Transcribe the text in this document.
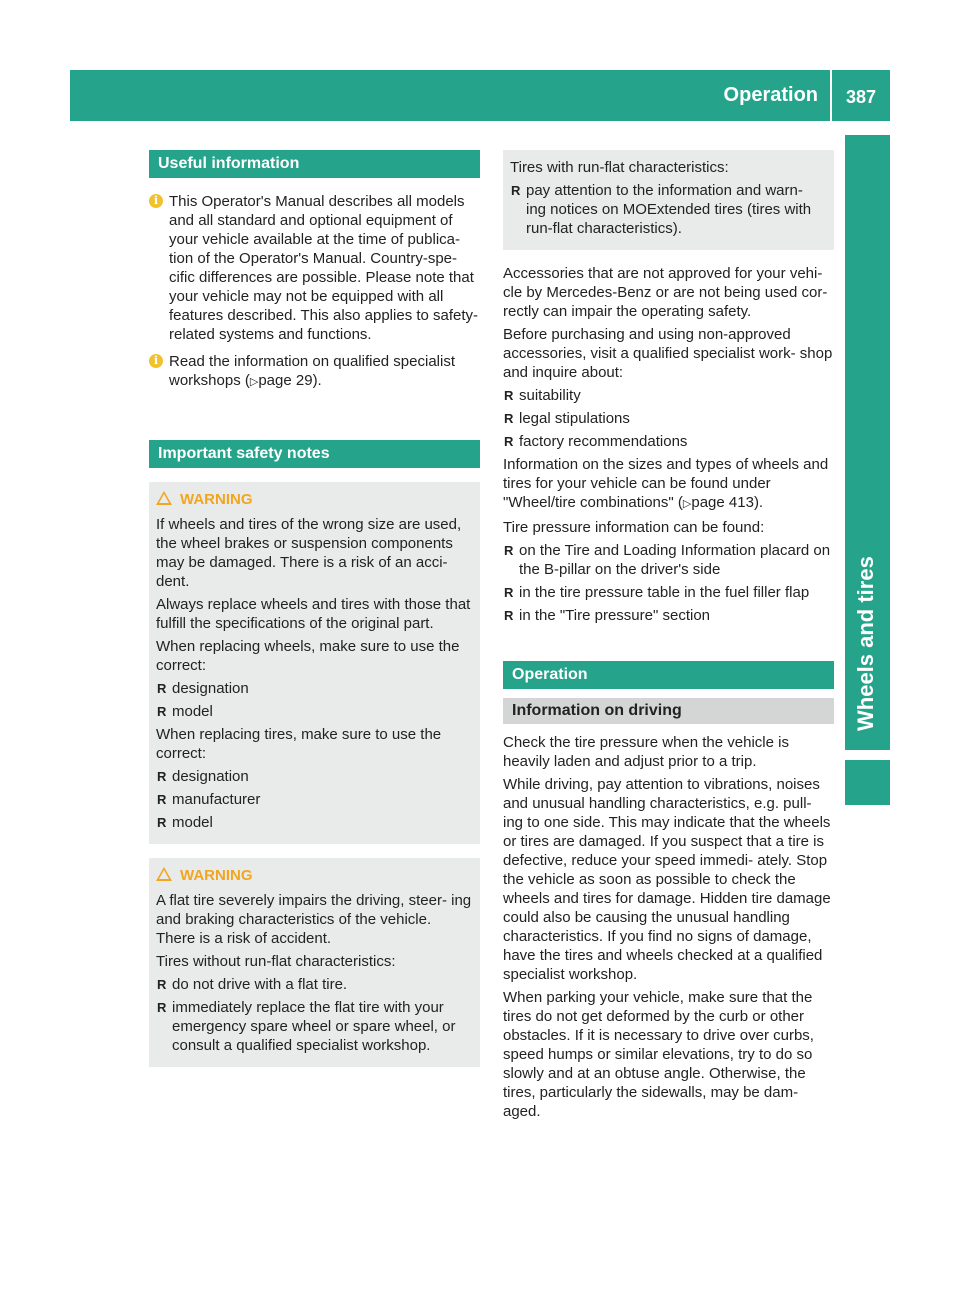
Operation 387
Wheels and tires
Useful information
i This Operator's Manual describes all models and all standard and optional equipment of your vehicle available at the time of publica- tion of the Operator's Manual. Country-spe- cific differences are possible. Please note that your vehicle may not be equipped with all features described. This also applies to safety-related systems and functions.
i Read the information on qualified specialist workshops (▷page 29).
Important safety notes
WARNING

If wheels and tires of the wrong size are used, the wheel brakes or suspension components may be damaged. There is a risk of an acci- dent.

Always replace wheels and tires with those that fulfill the specifications of the original part.

When replacing wheels, make sure to use the correct:

R designation
R model

When replacing tires, make sure to use the correct:

R designation
R manufacturer
R model
WARNING

A flat tire severely impairs the driving, steer- ing and braking characteristics of the vehicle. There is a risk of accident.

Tires without run-flat characteristics:

R do not drive with a flat tire.
R immediately replace the flat tire with your emergency spare wheel or spare wheel, or consult a qualified specialist workshop.

Tires with run-flat characteristics:

R pay attention to the information and warn- ing notices on MOExtended tires (tires with run-flat characteristics).

Accessories that are not approved for your vehi- cle by Mercedes-Benz or are not being used cor- rectly can impair the operating safety.

Before purchasing and using non-approved accessories, visit a qualified specialist work- shop and inquire about:

R suitability
R legal stipulations
R factory recommendations

Information on the sizes and types of wheels and tires for your vehicle can be found under "Wheel/tire combinations" (▷page 413).

Tire pressure information can be found:

R on the Tire and Loading Information placard on the B-pillar on the driver's side
R in the tire pressure table in the fuel filler flap
R in the "Tire pressure" section
Operation
Information on driving

Check the tire pressure when the vehicle is heavily laden and adjust prior to a trip.

While driving, pay attention to vibrations, noises and unusual handling characteristics, e.g. pull- ing to one side. This may indicate that the wheels or tires are damaged. If you suspect that a tire is defective, reduce your speed immedi- ately. Stop the vehicle as soon as possible to check the wheels and tires for damage. Hidden tire damage could also be causing the unusual handling characteristics. If you find no signs of damage, have the tires and wheels checked at a qualified specialist workshop.

When parking your vehicle, make sure that the tires do not get deformed by the curb or other obstacles. If it is necessary to drive over curbs, speed humps or similar elevations, try to do so slowly and at an obtuse angle. Otherwise, the tires, particularly the sidewalls, may be dam- aged.
